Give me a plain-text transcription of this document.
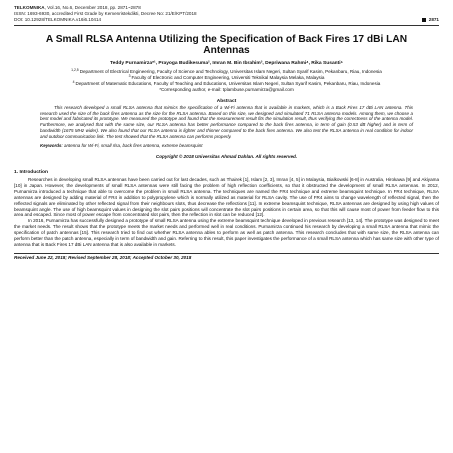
TELKOMNIKA, Vol.16, No.6, December 2018, pp. 2871~2878
ISSN: 1693-6930, accredited First Grade by Kemenristekdikti, Decree No: 21/E/KPT/2018
DOI: 10.12928/TELKOMNIKA.v16i6.10414	2871
A Small RLSA Antenna Utilizing the Specification of Back Fires 17 dBi LAN Antennas
Teddy Purnamirza*¹, Prayoga Budikesuma², Imran M. Bin Ibrahim³, Depriwana Rahmi⁴, Rika Susanti⁵
1,2,5 Department of Electrical Engineering, Faculty of Science and Technology, Universitas Islam Negeri, Sultan Syarif Kasim, Pekanbaru, Riau, Indonesia
3 Faculty of Electronic and Computer Engineering, Universiti Teknikal Malaysia Melaka, Malaysia
4 Department of Matematic Educations, Faculty of Teaching and Educations, Universitas Islam Negeri, Sultan Syarif Kasim, Pekanbaru, Riau, Indonesia
*Corresponding author, e-mail: tplambuse.purnamirza@gmail.com
Abstract
This research developed a small RLSA antenna that mimics the specification of a Wi-Fi antenna that is available in markets, which is a Back Fires 17 dBi LAN antenna. This research used the size of the back fires antenna as the size for the RLSA antenna. Based on this size, we designed and simulated 71 RLSA antenna models. Among them, we choose a best model and fabricated its prototype. We measured the prototype and found that the measurement result fits the simulation result, thus verifying the correctness of the antenna model. Furthermore, we analysed that with the same size, our RLSA antenna has better performance compared to the back fires antenna, in term of gain (0.53 dB higher) and in term of bandwidth (1675 MHz wider). We also found that our RLSA antenna is lighter and thinner compared to the back fires antenna. We also test the RLSA antenna in real condition for indoor and outdoor communication link. The test showed that the RLSA antenna can performs properly.
Keywords: antenna for Wi-Fi, small rlsa, back fires antenna, extreme beamsquint
Copyright © 2018 Universitas Ahmad Dahlan. All rights reserved.
1. Introduction

Researches in developing small RLSA antennas have been carried out for last decades, such as Thairek [1], Islam [2, 3], Imran [4, 5] in Malaysia, Bialkowski [6-8] in Australia, Hirokawa [9] and Akiyama [10] in Japan. However, the developments of small RLSA antennas were still facing the problem of high reflection coefficients, so that it obstructed the development of small RLSA antennas. In 2012, Purnamirza introduced a technique that able to overcome the problem in small RLSA antenna. The techniques are named the FR4 technique and extreme beamsquint technique. In FR4 technique, RLSA antennas are designed by adding material of FR4 in addition to polypropylene which is normally utilized as material for RLSA cavity. The use of FR4 aims to change wavelength of reflected signal, then the reflected signals are eliminated by other reflected signal from their neighbours slots, thus decrease the reflections [11]. In extreme beamsquint technique, RLSA antennas are designed by using high values of beamsquint angle. The use of high beamsquint values in designing the slot pairs positions will concentrate the slot pairs positions in certain area, so that this will cause most of power from feeder flow to this area and escaped. Since most of power escape from concentrated slot pairs, then the reflection in slot can be reduced [12].

In 2016, Purnamirza has successfully designed a prototype of small RLSA antenna using the extreme beamsquint technique developed in previous research [13, 14]. The prototype was designed to meet the market needs. The result shows that the prototype meets the market needs and performed well in real conditions. Purnamirza continued his research by developing a small RLSA antenna that mimic the specification of patch antennas [15]. This research tried to find out whether RLSA antenna ables to perform as well as patch antenna. This research concludes that with same size, the RLSA antenna can perform better than the patch antenna, especially in term of bandwidth and gain. Referring to this result, this paper investigates the performance of a small RLSA antenna which has same size with other type of antenna that is Back Fires 17 dBi LAN antenna that is also available in markets.

Received June 22, 2018; Revised September 28, 2018; Accepted October 30, 2018
